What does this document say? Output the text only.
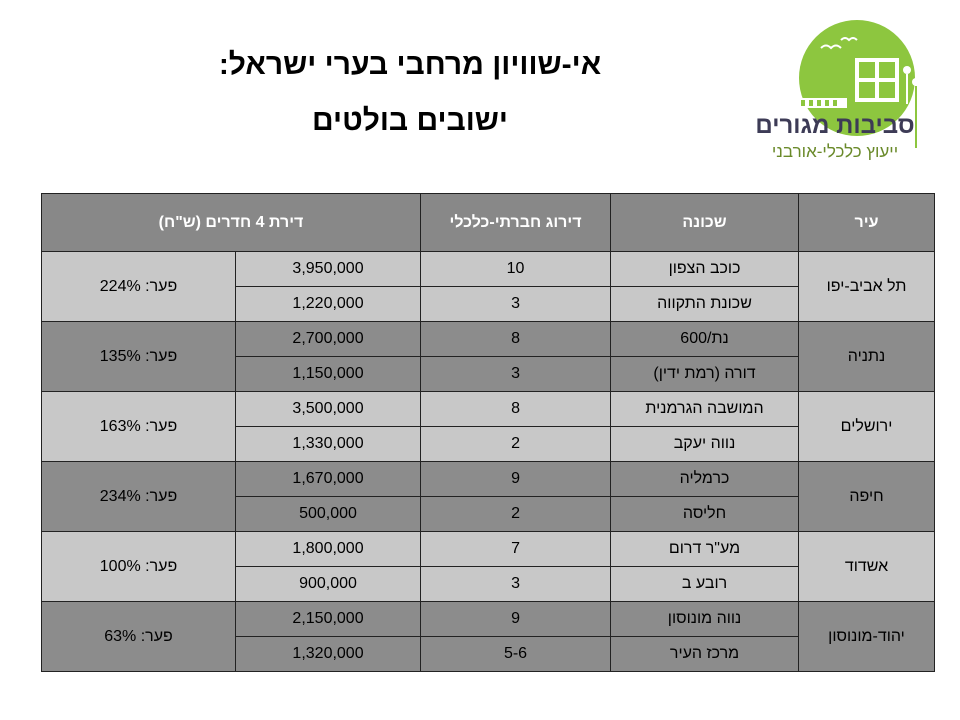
אי-שוויון מרחבי בערי ישראל:
ישובים בולטים	סביבות מגורים
ייעוץ כלכלי-אורבני
עיר	שכונה	דירוג חברתי-כלכלי	דירת 4 חדרים (ש"ח)	
תל אביב-יפו	כוכב הצפון	10	3,950,000	פער: 224%
	שכונת התקווה	3	1,220,000	
נתניה	נת/600	8	2,700,000	פער: 135%
	דורה (רמת ידין)	3	1,150,000	
ירושלים	המושבה הגרמנית	8	3,500,000	פער: 163%
	נווה יעקב	2	1,330,000	
חיפה	כרמליה	9	1,670,000	פער: 234%
	חליסה	2	500,000	
אשדוד	מע"ר דרום	7	1,800,000	פער: 100%
	רובע ב	3	900,000	
יהוד-מונוסון	נווה מונוסון	9	2,150,000	פער: 63%
	מרכז העיר	5-6	1,320,000	
